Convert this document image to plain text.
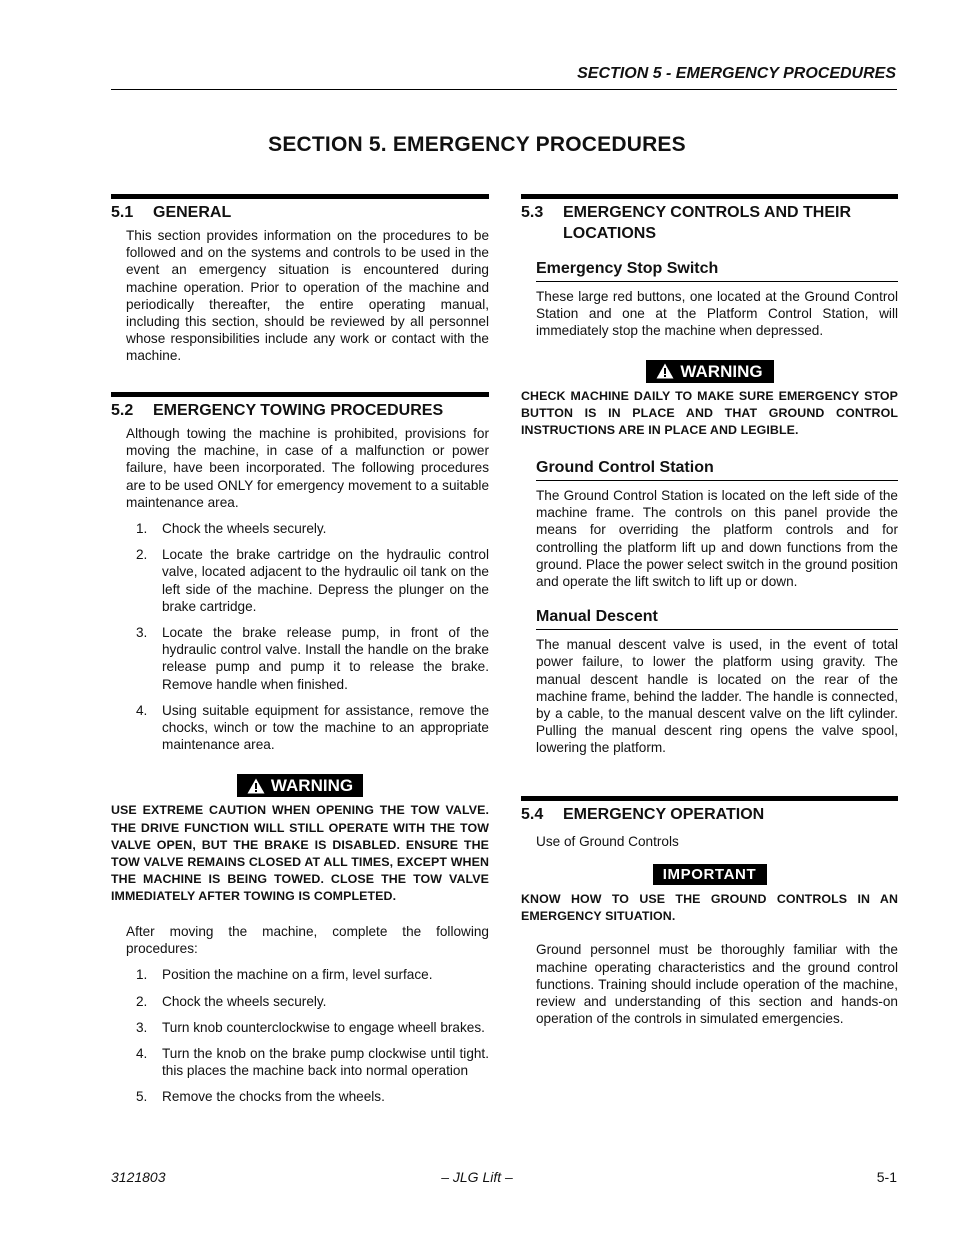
SECTION 5 - EMERGENCY PROCEDURES
SECTION 5. EMERGENCY PROCEDURES
5.1	GENERAL
This section provides information on the procedures to be followed and on the systems and controls to be used in the event an emergency situation is encountered during machine operation. Prior to operation of the machine and periodically thereafter, the entire operating manual, including this section, should be reviewed by all personnel whose responsibilities include any work or contact with the machine.
5.2	EMERGENCY TOWING PROCEDURES
Although towing the machine is prohibited, provisions for moving the machine, in case of a malfunction or power failure, have been incorporated. The following procedures are to be used ONLY for emergency movement to a suitable maintenance area.
1.	Chock the wheels securely.
2.	Locate the brake cartridge on the hydraulic control valve, located adjacent to the hydraulic oil tank on the left side of the machine. Depress the plunger on the brake cartridge.
3.	Locate the brake release pump, in front of the hydraulic control valve. Install the handle on the brake release pump and pump it to release the brake. Remove handle when finished.
4.	Using suitable equipment for assistance, remove the chocks, winch or tow the machine to an appropriate maintenance area.
WARNING
USE EXTREME CAUTION WHEN OPENING THE TOW VALVE. THE DRIVE FUNCTION WILL STILL OPERATE WITH THE TOW VALVE OPEN, BUT THE BRAKE IS DISABLED. ENSURE THE TOW VALVE REMAINS CLOSED AT ALL TIMES, EXCEPT WHEN THE MACHINE IS BEING TOWED. CLOSE THE TOW VALVE IMMEDIATELY AFTER TOWING IS COMPLETED.
After moving the machine, complete the following procedures:
1.	Position the machine on a firm, level surface.
2.	Chock the wheels securely.
3.	Turn knob counterclockwise to engage wheell brakes.
4.	Turn the knob on the brake pump clockwise until tight. this places the machine back into normal operation
5.	Remove the chocks from the wheels.
5.3	EMERGENCY CONTROLS AND THEIR LOCATIONS
Emergency Stop Switch
These large red buttons, one located at the Ground Control Station and one at the Platform Control Station, will immediately stop the machine when depressed.
WARNING
CHECK MACHINE DAILY TO MAKE SURE EMERGENCY STOP BUTTON IS IN PLACE AND THAT GROUND CONTROL INSTRUCTIONS ARE IN PLACE AND LEGIBLE.
Ground Control Station
The Ground Control Station is located on the left side of the machine frame. The controls on this panel provide the means for overriding the platform controls and for controlling the platform lift up and down functions from the ground. Place the power select switch in the ground position and operate the lift switch to lift up or down.
Manual Descent
The manual descent valve is used, in the event of total power failure, to lower the platform using gravity. The manual descent handle is located on the rear of the machine frame, behind the ladder. The handle is connected, by a cable, to the manual descent valve on the lift cylinder. Pulling the manual descent ring opens the valve spool, lowering the platform.
5.4	EMERGENCY OPERATION
Use of Ground Controls
IMPORTANT
KNOW HOW TO USE THE GROUND CONTROLS IN AN EMERGENCY SITUATION.
Ground personnel must be thoroughly familiar with the machine operating characteristics and the ground control functions. Training should include operation of the machine, review and understanding of this section and hands-on operation of the controls in simulated emergencies.
3121803	– JLG Lift –	5-1
